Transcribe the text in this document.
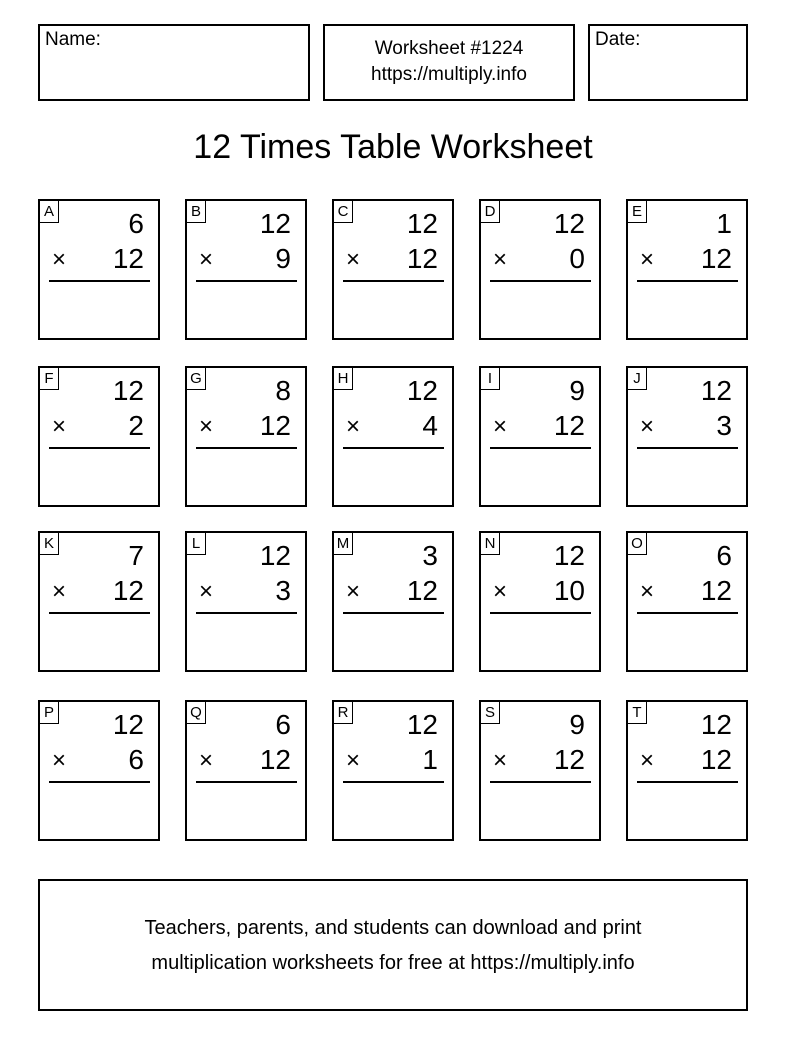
Name:	Worksheet #1224
https://multiply.info
Date:
12 Times Table Worksheet
A	6
× 12
B 12
× 9
C 12
× 12
D 12
× 0
E	1
× 12
F 12
× 2
G	8
× 12
H 12
× 4
I	9
× 12
J 12
× 3
K	7
× 12
L 12
× 3
M	3
× 12
N 12
× 10
O	6
× 12
P 12
× 6
Q	6
× 12
R 12
× 1
S	9
× 12
T 12
× 12
Teachers, parents, and students can download and print
multiplication worksheets for free at https://multiply.info
